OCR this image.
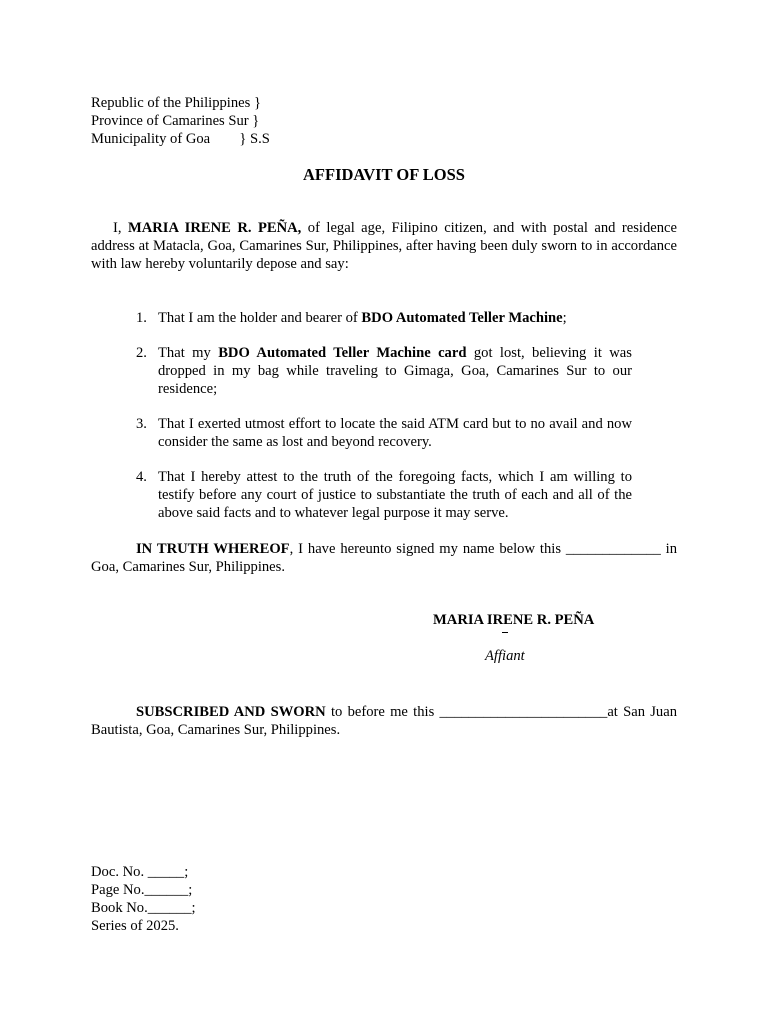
Republic of the Philippines }
Province of Camarines Sur }
Municipality of Goa        } S.S
AFFIDAVIT OF LOSS
I, MARIA IRENE R. PEÑA, of legal age, Filipino citizen, and with postal and residence address at Matacla, Goa, Camarines Sur, Philippines, after having been duly sworn to in accordance with law hereby voluntarily depose and say:
1. That I am the holder and bearer of BDO Automated Teller Machine;
2. That my BDO Automated Teller Machine card got lost, believing it was dropped in my bag while traveling to Gimaga, Goa, Camarines Sur to our residence;
3. That I exerted utmost effort to locate the said ATM card but to no avail and now consider the same as lost and beyond recovery.
4. That I hereby attest to the truth of the foregoing facts, which I am willing to testify before any court of justice to substantiate the truth of each and all of the above said facts and to whatever legal purpose it may serve.
IN TRUTH WHEREOF, I have hereunto signed my name below this _____________ in Goa, Camarines Sur, Philippines.
MARIA IRENE R. PEÑA
Affiant
SUBSCRIBED AND SWORN to before me this _______________________at San Juan Bautista, Goa, Camarines Sur, Philippines.
Doc. No. _____;
Page No.______;
Book No.______;
Series of 2025.
